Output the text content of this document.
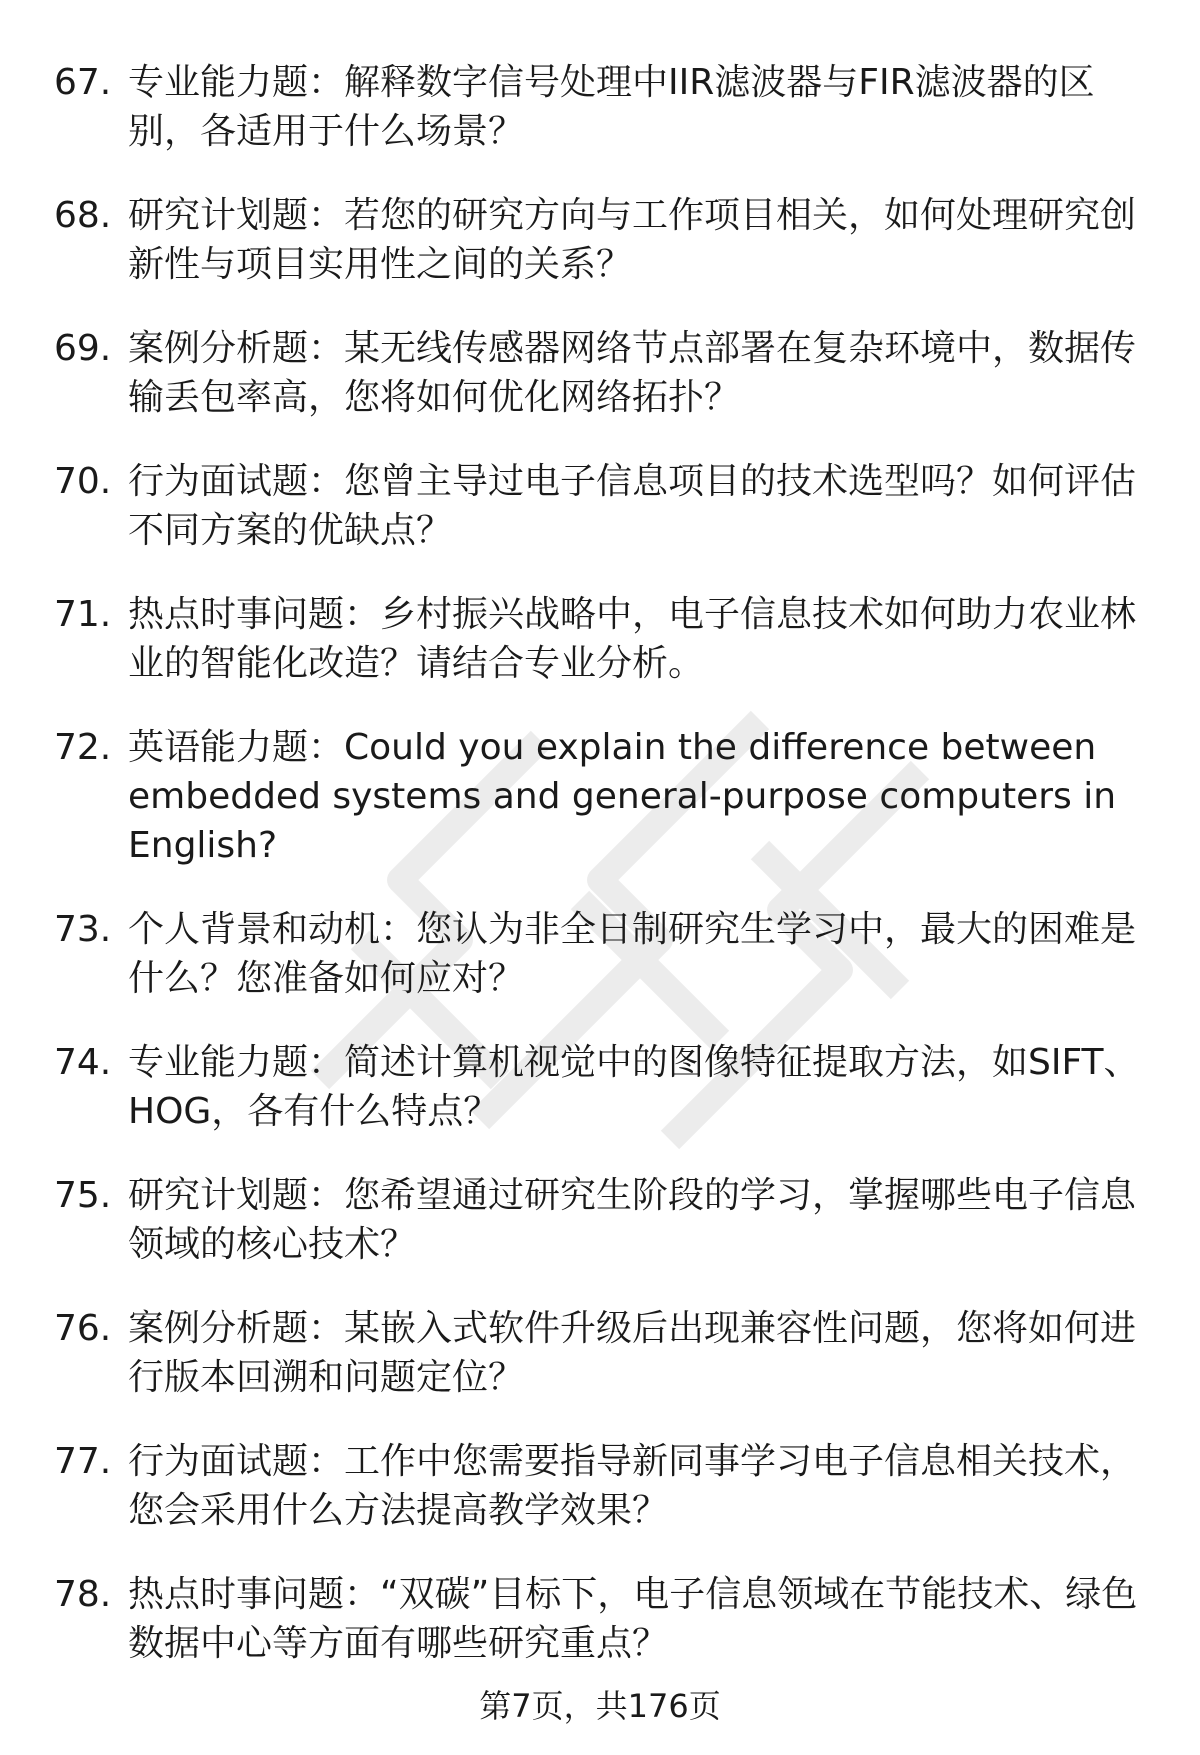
67. 专业能力题：解释数字信号处理中IIR滤波器与FIR滤波器的区别，各适用于什么场景？
68. 研究计划题：若您的研究方向与工作项目相关，如何处理研究创新性与项目实用性之间的关系？
69. 案例分析题：某无线传感器网络节点部署在复杂环境中，数据传输丢包率高，您将如何优化网络拓扑？
70. 行为面试题：您曾主导过电子信息项目的技术选型吗？如何评估不同方案的优缺点？
71. 热点时事问题：乡村振兴战略中，电子信息技术如何助力农业林业的智能化改造？请结合专业分析。
72. 英语能力题：Could you explain the difference between embedded systems and general-purpose computers in English?
73. 个人背景和动机：您认为非全日制研究生学习中，最大的困难是什么？您准备如何应对？
74. 专业能力题：简述计算机视觉中的图像特征提取方法，如SIFT、HOG，各有什么特点？
75. 研究计划题：您希望通过研究生阶段的学习，掌握哪些电子信息领域的核心技术？
76. 案例分析题：某嵌入式软件升级后出现兼容性问题，您将如何进行版本回溯和问题定位？
77. 行为面试题：工作中您需要指导新同事学习电子信息相关技术，您会采用什么方法提高教学效果？
78. 热点时事问题：“双碳”目标下，电子信息领域在节能技术、绿色数据中心等方面有哪些研究重点？
第7页，共176页
